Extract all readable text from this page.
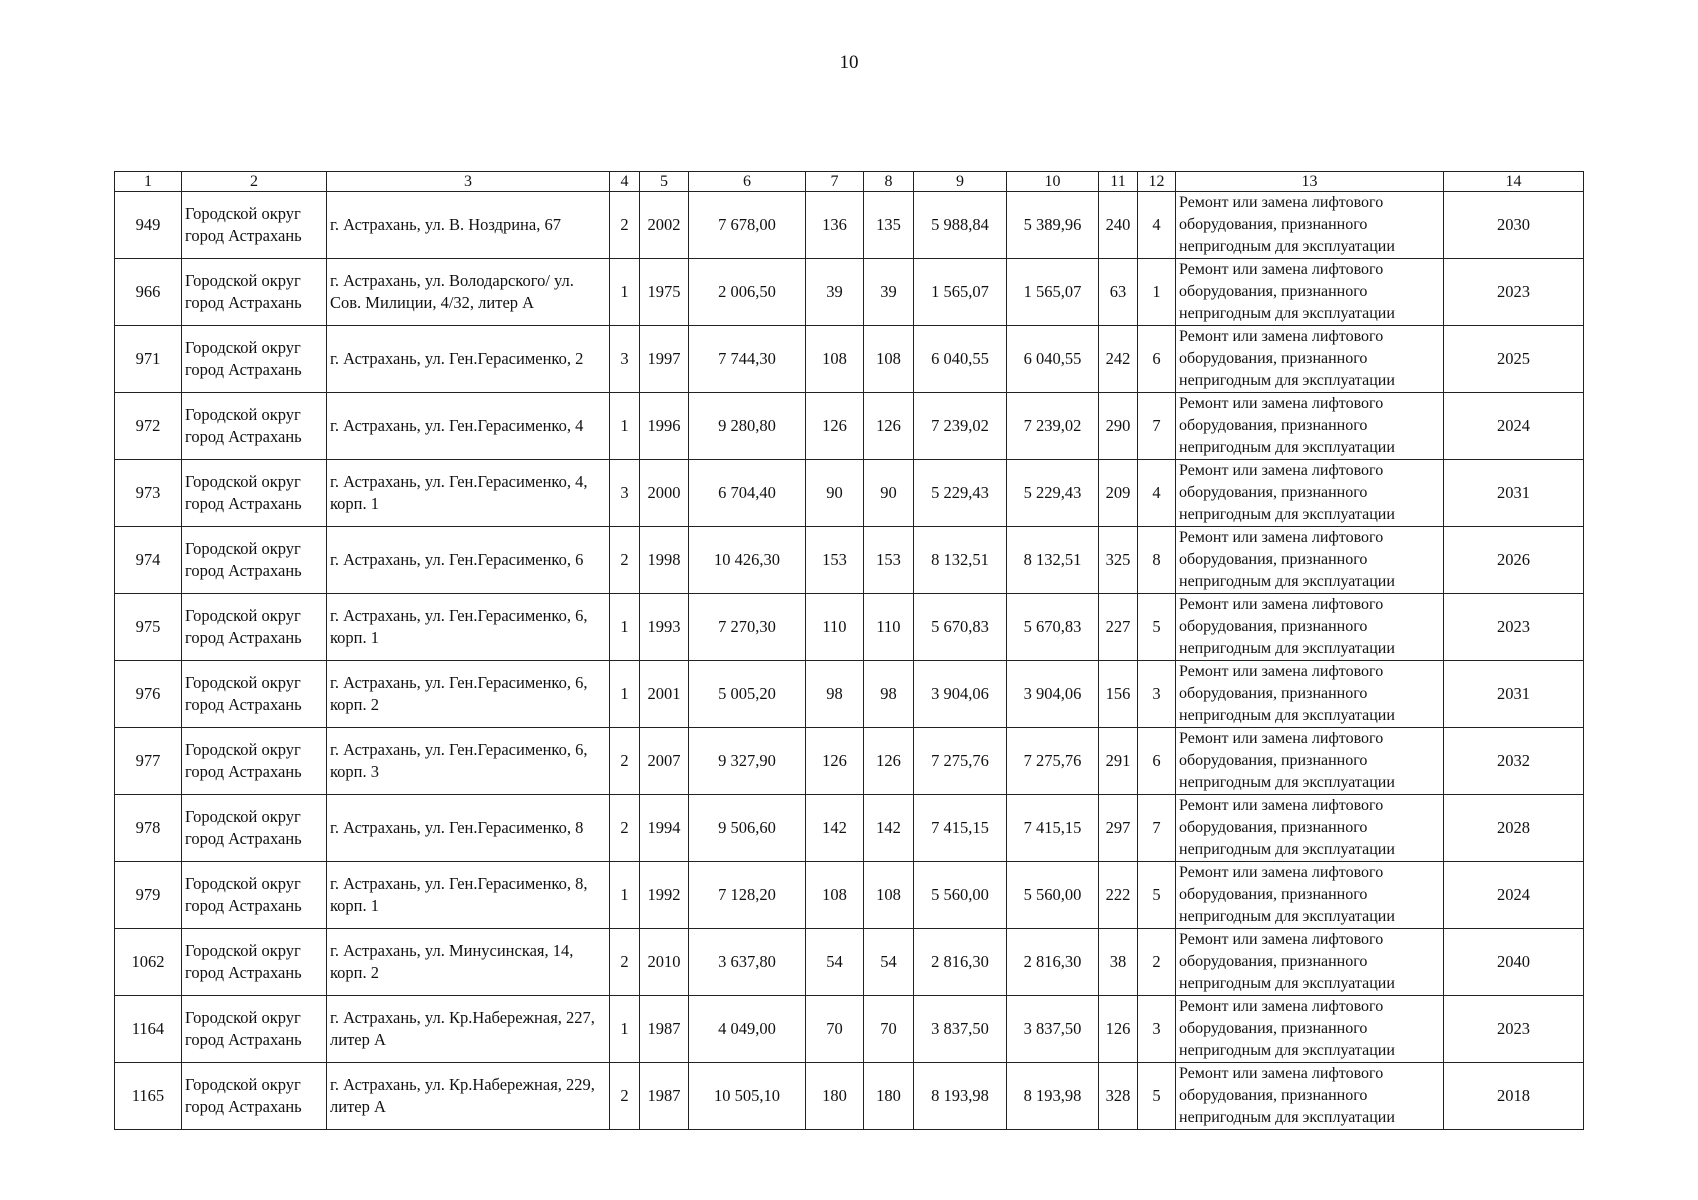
10
1	2	3	4	5	6	7	8	9	10	11	12	13	14
949	Городской округ город Астрахань	г. Астрахань, ул. В. Ноздрина, 67	2	2002	7 678,00	136	135	5 988,84	5 389,96	240	4	Ремонт или замена лифтового оборудования, признанного непригодным для эксплуатации	2030
966	Городской округ город Астрахань	г. Астрахань, ул. Володарского/ ул. Сов. Милиции, 4/32, литер А	1	1975	2 006,50	39	39	1 565,07	1 565,07	63	1	Ремонт или замена лифтового оборудования, признанного непригодным для эксплуатации	2023
971	Городской округ город Астрахань	г. Астрахань, ул. Ген.Герасименко, 2	3	1997	7 744,30	108	108	6 040,55	6 040,55	242	6	Ремонт или замена лифтового оборудования, признанного непригодным для эксплуатации	2025
972	Городской округ город Астрахань	г. Астрахань, ул. Ген.Герасименко, 4	1	1996	9 280,80	126	126	7 239,02	7 239,02	290	7	Ремонт или замена лифтового оборудования, признанного непригодным для эксплуатации	2024
973	Городской округ город Астрахань	г. Астрахань, ул. Ген.Герасименко, 4, корп. 1	3	2000	6 704,40	90	90	5 229,43	5 229,43	209	4	Ремонт или замена лифтового оборудования, признанного непригодным для эксплуатации	2031
974	Городской округ город Астрахань	г. Астрахань, ул. Ген.Герасименко, 6	2	1998	10 426,30	153	153	8 132,51	8 132,51	325	8	Ремонт или замена лифтового оборудования, признанного непригодным для эксплуатации	2026
975	Городской округ город Астрахань	г. Астрахань, ул. Ген.Герасименко, 6, корп. 1	1	1993	7 270,30	110	110	5 670,83	5 670,83	227	5	Ремонт или замена лифтового оборудования, признанного непригодным для эксплуатации	2023
976	Городской округ город Астрахань	г. Астрахань, ул. Ген.Герасименко, 6, корп. 2	1	2001	5 005,20	98	98	3 904,06	3 904,06	156	3	Ремонт или замена лифтового оборудования, признанного непригодным для эксплуатации	2031
977	Городской округ город Астрахань	г. Астрахань, ул. Ген.Герасименко, 6, корп. 3	2	2007	9 327,90	126	126	7 275,76	7 275,76	291	6	Ремонт или замена лифтового оборудования, признанного непригодным для эксплуатации	2032
978	Городской округ город Астрахань	г. Астрахань, ул. Ген.Герасименко, 8	2	1994	9 506,60	142	142	7 415,15	7 415,15	297	7	Ремонт или замена лифтового оборудования, признанного непригодным для эксплуатации	2028
979	Городской округ город Астрахань	г. Астрахань, ул. Ген.Герасименко, 8, корп. 1	1	1992	7 128,20	108	108	5 560,00	5 560,00	222	5	Ремонт или замена лифтового оборудования, признанного непригодным для эксплуатации	2024
1062	Городской округ город Астрахань	г. Астрахань, ул. Минусинская, 14, корп. 2	2	2010	3 637,80	54	54	2 816,30	2 816,30	38	2	Ремонт или замена лифтового оборудования, признанного непригодным для эксплуатации	2040
1164	Городской округ город Астрахань	г. Астрахань, ул. Кр.Набережная, 227, литер А	1	1987	4 049,00	70	70	3 837,50	3 837,50	126	3	Ремонт или замена лифтового оборудования, признанного непригодным для эксплуатации	2023
1165	Городской округ город Астрахань	г. Астрахань, ул. Кр.Набережная, 229, литер А	2	1987	10 505,10	180	180	8 193,98	8 193,98	328	5	Ремонт или замена лифтового оборудования, признанного непригодным для эксплуатации	2018
